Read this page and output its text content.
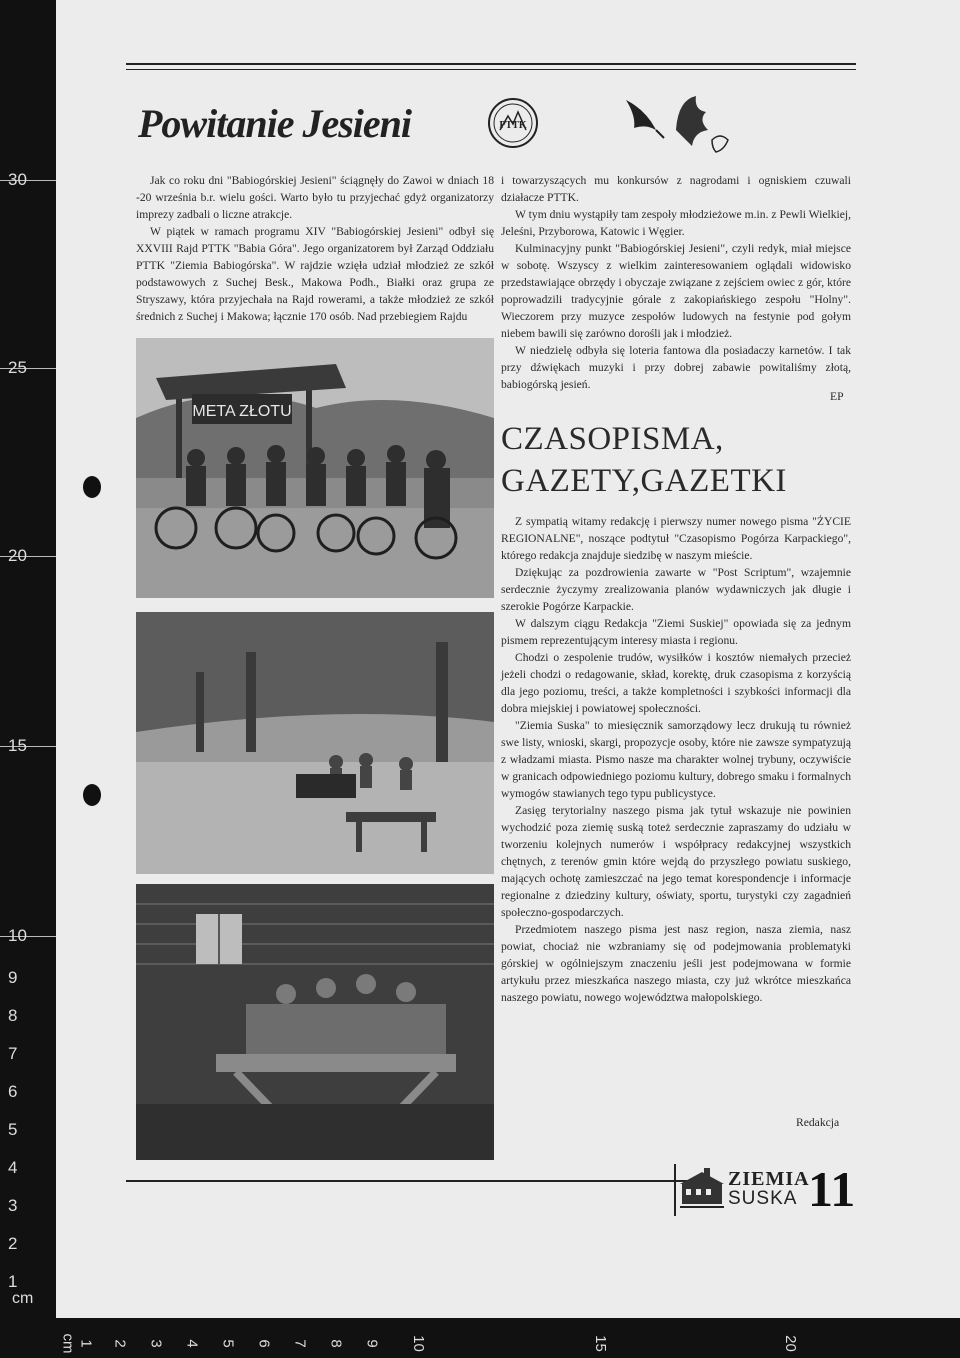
30
25
20
15
10
9
8
7
6
5
4
3
2
1
cm
cm 1 2 3 4 5 6 7 8 9 10	15	20
Powitanie Jesieni	PTTK

Jak co roku dni "Babiogórskiej Jesieni" ściągnęły do Zawoi w dniach 18 -20 września b.r. wielu gości. Warto było tu przyjechać gdyż organizatorzy imprezy zadbali o liczne atrakcje.

W piątek w ramach programu XIV "Babiogórskiej Jesieni" odbył się XXVIII Rajd PTTK "Babia Góra". Jego organizatorem był Zarząd Oddziału PTTK "Ziemia Babiogórska". W rajdzie wzięła udział młodzież ze szkół podstawowych z Suchej Besk., Makowa Podh., Białki oraz grupa ze Stryszawy, która przyjechała na Rajd rowerami, a także młodzież ze szkół średnich z Suchej i Makowa; łącznie 170 osób. Nad przebiegiem Rajdu

META ZŁOTU

i towarzyszących mu konkursów z nagrodami i ogniskiem czuwali działacze PTTK.

W tym dniu wystąpiły tam zespoły młodzieżowe m.in. z Pewli Wielkiej, Jeleśni, Przyborowa, Katowic i Węgier.

Kulminacyjny punkt "Babiogórskiej Jesieni", czyli redyk, miał miejsce w sobotę. Wszyscy z wielkim zainteresowaniem oglądali widowisko przedstawiające obrzędy i obyczaje związane z zejściem owiec z gór, które poprowadzili tradycyjnie górale z zakopiańskiego zespołu "Holny". Wieczorem przy muzyce zespołów ludowych na festynie pod gołym niebem bawili się zarówno dorośli jak i młodzież.

W niedzielę odbyła się loteria fantowa dla posiadaczy karnetów. I tak przy dźwiękach muzyki i przy dobrej zabawie powitaliśmy złotą, babiogórską jesień.

EP
CZASOPISMA,
GAZETY,GAZETKI

Z sympatią witamy redakcję i pierwszy numer nowego pisma "ŻYCIE REGIONALNE", noszące podtytuł "Czasopismo Pogórza Karpackiego", którego redakcja znajduje siedzibę w naszym mieście.

Dziękując za pozdrowienia zawarte w "Post Scriptum", wzajemnie serdecznie życzymy zrealizowania planów wydawniczych jak długie i szerokie Pogórze Karpackie.

W dalszym ciągu Redakcja "Ziemi Suskiej" opowiada się za jednym pismem reprezentującym interesy miasta i regionu.

Chodzi o zespolenie trudów, wysiłków i kosztów niemałych przecież jeżeli chodzi o redagowanie, skład, korektę, druk czasopisma z korzyścią dla jego poziomu, treści, a także kompletności i szybkości informacji dla dobra miejskiej i powiatowej społeczności.

"Ziemia Suska" to miesięcznik samorządowy lecz drukują tu również swe listy, wnioski, skargi, propozycje osoby, które nie zawsze sympatyzują z władzami miasta. Pismo nasze ma charakter wolnej trybuny, oczywiście w granicach odpowiedniego poziomu kultury, dobrego smaku i formalnych wymogów stawianych tego typu publicystyce.

Zasięg terytorialny naszego pisma jak tytuł wskazuje nie powinien wychodzić poza ziemię suską toteż serdecznie zapraszamy do udziału w tworzeniu kolejnych numerów i współpracy redakcyjnej wszystkich chętnych, z terenów gmin które wejdą do przyszłego powiatu suskiego, mających ochotę zamieszczać na jego temat korespondencje i informacje regionalne z dziedziny kultury, oświaty, sportu, turystyki czy zagadnień społeczno-gospodarczych.

Przedmiotem naszego pisma jest nasz region, nasza ziemia, nasz powiat, chociaż nie wzbraniamy się od podejmowania problematyki górskiej w ogólniejszym znaczeniu jeśli jest podejmowana w formie artykułu przez mieszkańca naszego miasta, czy już wkrótce mieszkańca naszego powiatu, nowego województwa małopolskiego.

Redakcja
ZIEMIA
SUSKA 11
